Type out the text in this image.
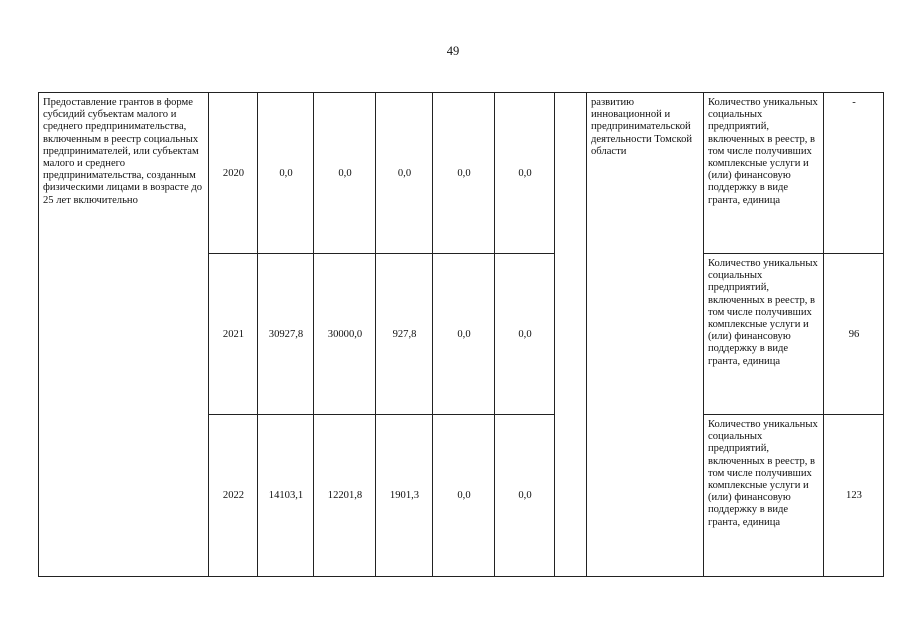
49
Предоставление грантов в форме субсидий субъектам малого и среднего предпринимательства, включенным в реестр социальных предпринимателей, или субъектам малого и среднего предпринимательства, созданным физическими лицами в возрасте до 25 лет включительно	2020	0,0	0,0	0,0	0,0	0,0		развитию инновационной и предпринимательской деятельности Томской области	Количество уникальных социальных предприятий, включенных в реестр, в том числе получивших комплексные услуги и (или) финансовую поддержку в виде гранта, единица	-
	2021	30927,8	30000,0	927,8	0,0	0,0			Количество уникальных социальных предприятий, включенных в реестр, в том числе получивших комплексные услуги и (или) финансовую поддержку в виде гранта, единица	96
	2022	14103,1	12201,8	1901,3	0,0	0,0			Количество уникальных социальных предприятий, включенных в реестр, в том числе получивших комплексные услуги и (или) финансовую поддержку в виде гранта, единица	123
